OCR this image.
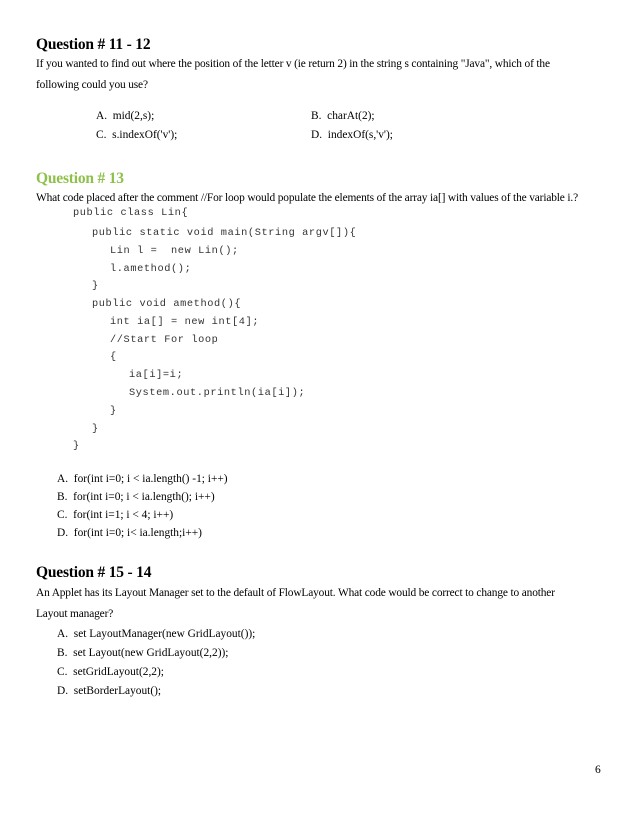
Question # 11 - 12
If you wanted to find out where the position of the letter v (ie return 2) in the string s containing "Java", which of the
following could you use?
A. mid(2,s);	B. charAt(2);
C. s.indexOf('v');	D. indexOf(s,'v');
Question # 13
What code placed after the comment //For loop would populate the elements of the array ia[] with values of the variable i.?
public class Lin{
public static void main(String argv[]){
Lin l =  new Lin();
l.amethod();
}
public void amethod(){
int ia[] = new int[4];
//Start For loop
{
ia[i]=i;
System.out.println(ia[i]);
}
}
}
A. for(int i=0; i < ia.length() -1; i++)
B. for(int i=0; i < ia.length(); i++)
C. for(int i=1; i < 4; i++)
D. for(int i=0; i< ia.length;i++)
Question # 15 - 14
An Applet has its Layout Manager set to the default of FlowLayout. What code would be correct to change to another
Layout manager?
A. set LayoutManager(new GridLayout());
B. set Layout(new GridLayout(2,2));
C. setGridLayout(2,2);
D. setBorderLayout();
6
